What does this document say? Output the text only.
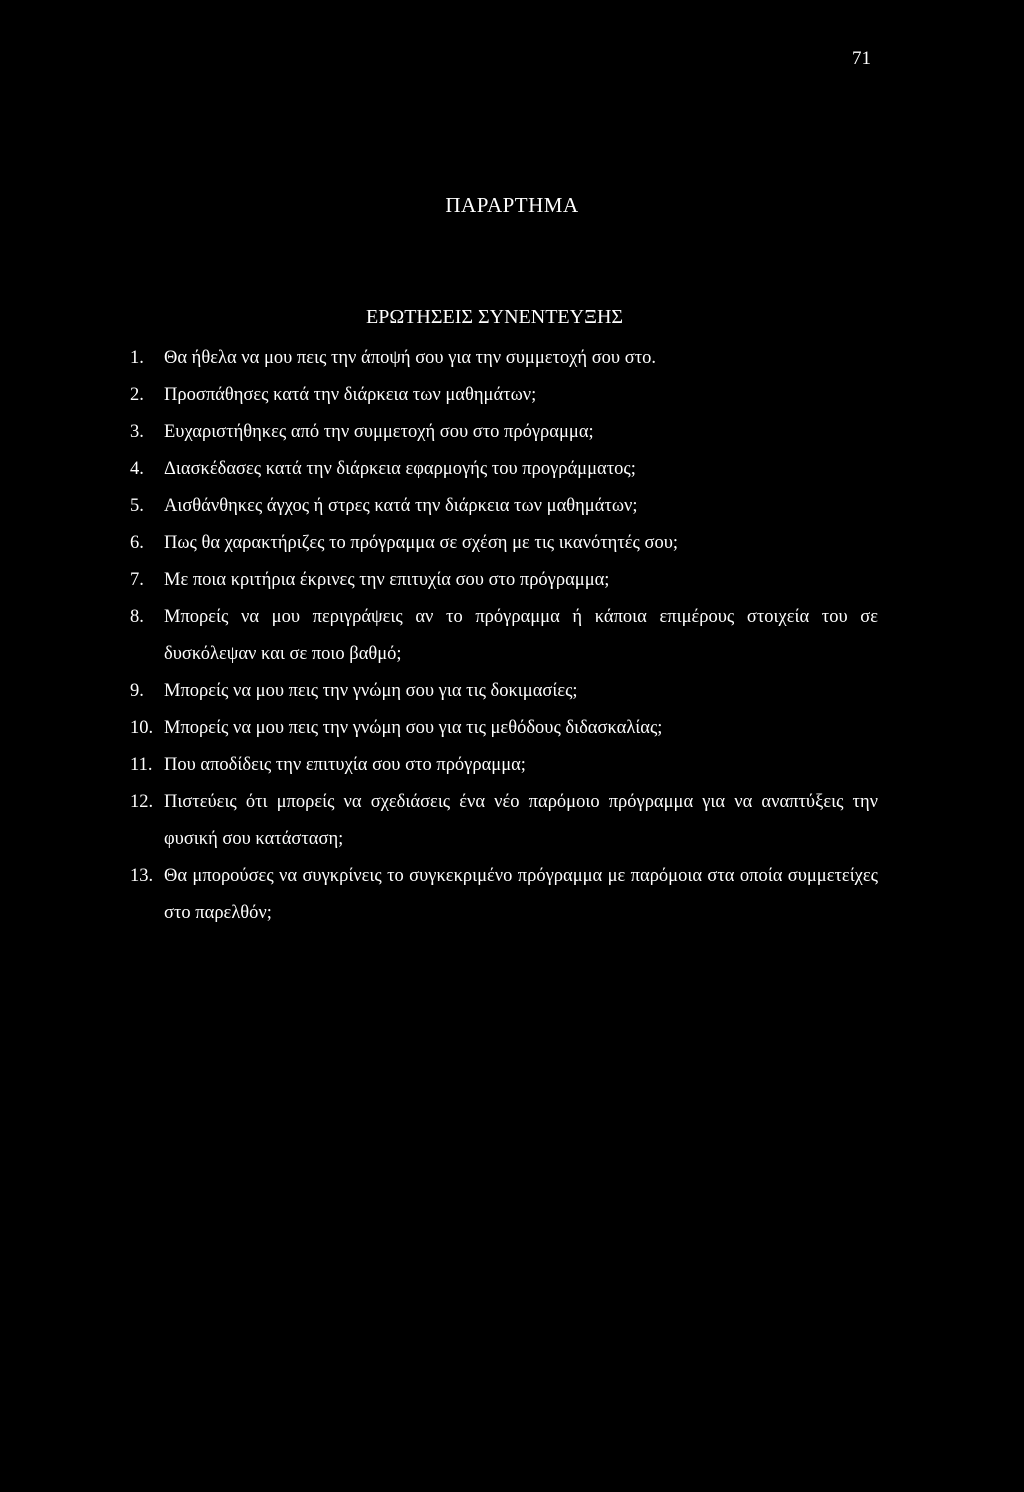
71
ΠΑΡΑΡΤΗΜΑ
ΕΡΩΤΗΣΕΙΣ ΣΥΝΕΝΤΕΥΞΗΣ
1.	Θα ήθελα να μου πεις την άποψή σου για την συμμετοχή σου στο.
2.	Προσπάθησες κατά την διάρκεια των μαθημάτων;
3.	Ευχαριστήθηκες από την συμμετοχή σου στο πρόγραμμα;
4.	Διασκέδασες κατά την διάρκεια εφαρμογής του προγράμματος;
5.	Αισθάνθηκες άγχος ή στρες κατά την διάρκεια των μαθημάτων;
6.	Πως θα χαρακτήριζες το πρόγραμμα σε σχέση με τις ικανότητές σου;
7.	Με ποια κριτήρια έκρινες την επιτυχία σου στο πρόγραμμα;
8.	Μπορείς να μου περιγράψεις αν το πρόγραμμα ή κάποια επιμέρους στοιχεία του σε δυσκόλεψαν και σε ποιο βαθμό;
9.	Μπορείς να μου πεις την γνώμη σου για τις δοκιμασίες;
10. Μπορείς να μου πεις την γνώμη σου για τις μεθόδους διδασκαλίας;
11. Που αποδίδεις την επιτυχία σου στο πρόγραμμα;
12. Πιστεύεις ότι μπορείς να σχεδιάσεις ένα νέο παρόμοιο πρόγραμμα για να αναπτύξεις την φυσική σου κατάσταση;
13. Θα μπορούσες να συγκρίνεις το συγκεκριμένο πρόγραμμα με παρόμοια στα οποία συμμετείχες στο παρελθόν;
